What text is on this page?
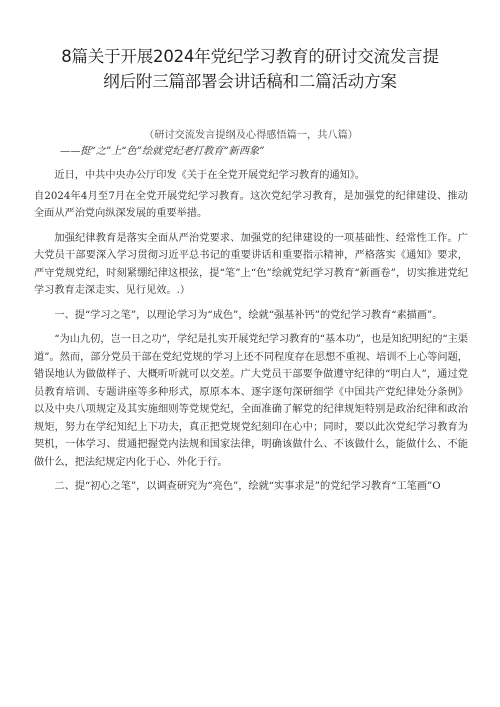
8篇关于开展2024年党纪学习教育的研讨交流发言提
纲后附三篇部署会讲话稿和二篇活动方案
（研讨交流发言提纲及心得感悟篇一，共八篇）
——挺“之”上“色”绘就党纪老打教育“新西象”

近日，中共中央办公厅印发《关于在全党开展党纪学习教育的通知》。

自2024年4月至7月在全党开展党纪学习教育。这次党纪学习教育，是加强党的纪律建设、推动全面从严治党向纵深发展的重要举措。

加强纪律教育是落实全面从严治党要求、加强党的纪律建设的一项基础性、经常性工作。广大党员干部要深入学习贯彻习近平总书记的重要讲话和重要指示精神，严格落实《通知》要求，严守党规党纪，时刻紧绷纪律这根弦，提“笔”上“色”绘就党纪学习教育“新画卷”，切实推进党纪学习教育走深走实、见行见效。.）

一、提“学习之笔”，以理论学习为“成色”，绘就“强基补钙”的党纪学习教育“素描画”。

“为山九仞，岂一日之功”，学纪是扎实开展党纪学习教育的“基本功”，也是知纪明纪的“主渠道”。然而，部分党员干部在党纪党规的学习上还不同程度存在思想不重视、培训不上心等问题，错误地认为做做样子、大概听听就可以交差。广大党员干部要争做遵守纪律的“明白人”，通过党员教育培训、专题讲座等多种形式，原原本本、逐字逐句深研细学《中国共产党纪律处分条例》以及中央八项规定及其实施细则等党规党纪，全面准确了解党的纪律规矩特别是政治纪律和政治规矩，努力在学纪知纪上下功夫，真正把党规党纪刻印在心中；同时，要以此次党纪学习教育为契机，一体学习、贯通把握党内法规和国家法律，明确该做什么、不该做什么，能做什么、不能做什么，把法纪规定内化于心、外化于行。

二、提“初心之笔”，以调查研究为“亮色”，绘就“实事求是”的党纪学习教育“工笔画”O
